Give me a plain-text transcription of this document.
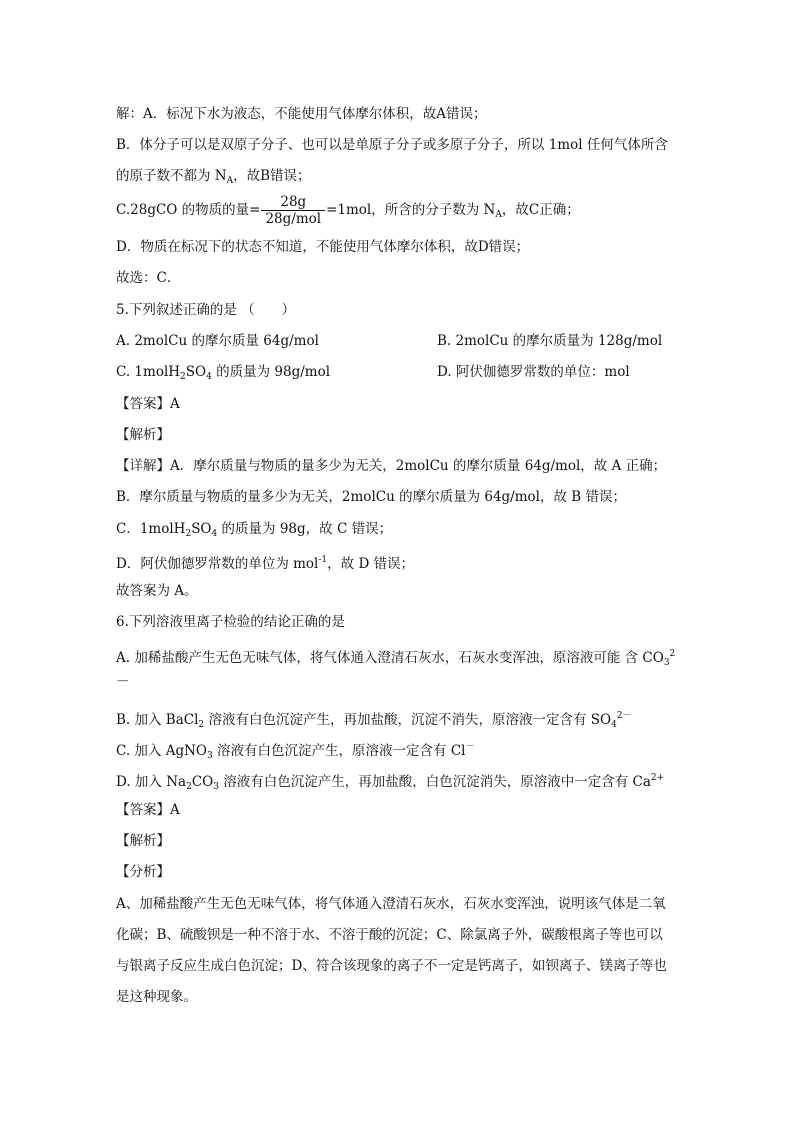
解：A．标况下水为液态，不能使用气体摩尔体积，故A错误；
B．体分子可以是双原子分子、也可以是单原子分子或多原子分子，所以 1mol 任何气体所含
的原子数不都为 $N_A$，故B错误；
C.28gCO 的物质的量= $\frac{28g}{\text{28g/mol}} =1mol$，所含的分子数为 $N_A$，故C正确；
D．物质在标况下的状态不知道，不能使用气体摩尔体积，故D错误；
故选：C．
5.下列叙述正确的是 （　　）
A. 2molCu 的摩尔质量 64g/mol	B. 2molCu 的摩尔质量为 128g/mol
C. $1molH_2SO_4$ 的质量为 98g/mol	D. 阿伏伽德罗常数的单位：mol
【答案】A
【解析】
【详解】A．摩尔质量与物质的量多少为无关，2molCu 的摩尔质量 64g/mol，故 A 正确；
B．摩尔质量与物质的量多少为无关，2molCu 的摩尔质量为 64g/mol，故 B 错误；
C．$1molH_2SO_4$ 的质量为 98g，故 C 错误；
D．阿伏伽德罗常数的单位为 mol$^{-1}$，故 D 错误；
故答案为 A。
6.下列溶液里离子检验的结论正确的是
A. 加稀盐酸产生无色无味气体，将气体通入澄清石灰水，石灰水变浑浊，原溶液可能 含 $CO_3^2$
－
B. 加入 BaCl$_2$ 溶液有白色沉淀产生，再加盐酸，沉淀不消失，原溶液一定含有 $SO_4^{2-}$
C. 加入 AgNO$_3$ 溶液有白色沉淀产生，原溶液一定含有 Cl－
D. 加入 $Na_2CO_3$ 溶液有白色沉淀产生，再加盐酸，白色沉淀消失，原溶液中一定含有 $Ca^{2+}$
【答案】A
【解析】
【分析】
A、加稀盐酸产生无色无味气体，将气体通入澄清石灰水，石灰水变浑浊，说明该气体是二氧
化碳；B、硫酸钡是一种不溶于水、不溶于酸的沉淀；C、除氯离子外，碳酸根离子等也可以
与银离子反应生成白色沉淀；D、符合该现象的离子不一定是钙离子，如钡离子、镁离子等也
是这种现象。
